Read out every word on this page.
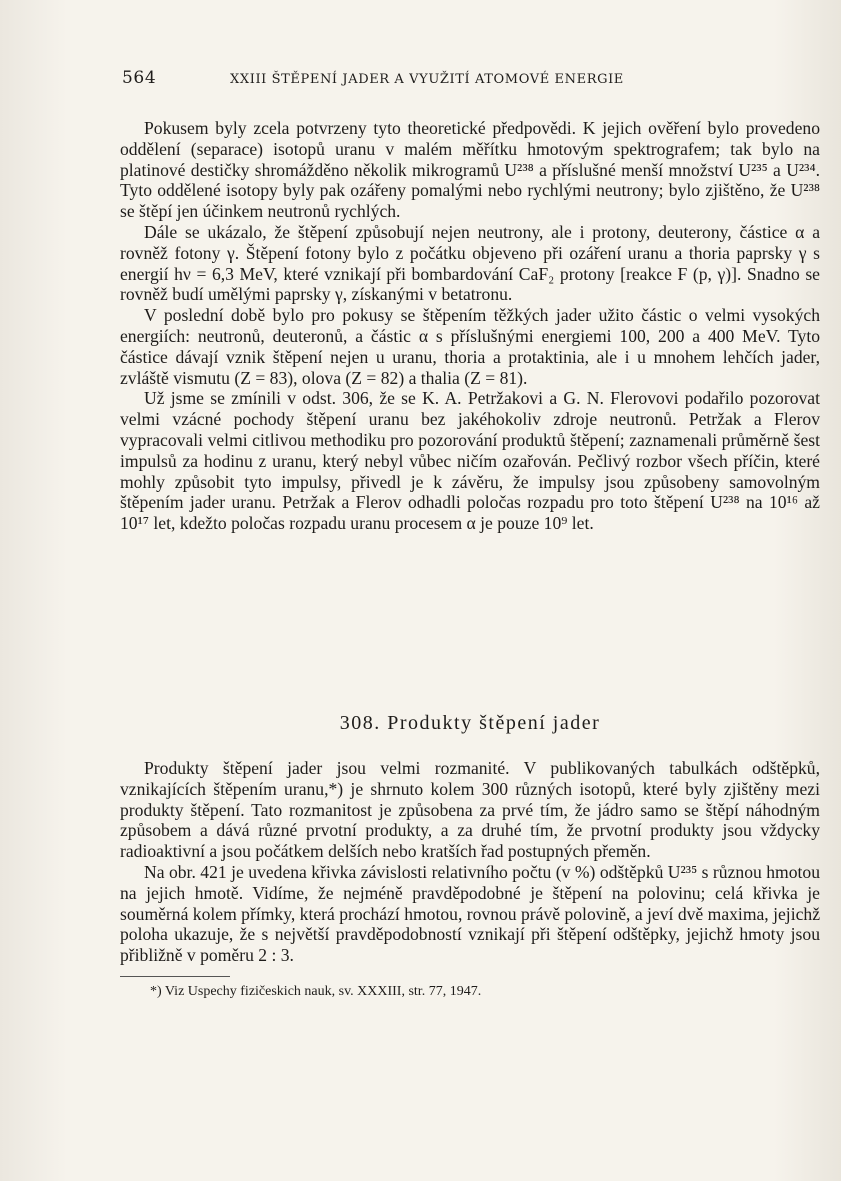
564	XXIII ŠTĚPENÍ JADER A VYUŽITÍ ATOMOVÉ ENERGIE

Pokusem byly zcela potvrzeny tyto theoretické předpovědi. K jejich ověření bylo provedeno oddělení (separace) isotopů uranu v malém měřítku hmotovým spektrografem; tak bylo na platinové destičky shromážděno několik mikrogramů U²³⁸ a příslušné menší množství U²³⁵ a U²³⁴. Tyto oddělené isotopy byly pak ozářeny pomalými nebo rychlými neutrony; bylo zjištěno, že U²³⁸ se štěpí jen účinkem neutronů rychlých.

Dále se ukázalo, že štěpení způsobují nejen neutrony, ale i protony, deuterony, částice α a rovněž fotony γ. Štěpení fotony bylo z počátku objeveno při ozáření uranu a thoria paprsky γ s energií hν = 6,3 MeV, které vznikají při bombardování CaF₂ protony [reakce F (p, γ)]. Snadno se rovněž budí umělými paprsky γ, získanými v betatronu.

V poslední době bylo pro pokusy se štěpením těžkých jader užito částic o velmi vysokých energiích: neutronů, deuteronů, a částic α s příslušnými energiemi 100, 200 a 400 MeV. Tyto částice dávají vznik štěpení nejen u uranu, thoria a protaktinia, ale i u mnohem lehčích jader, zvláště vismutu (Z = 83), olova (Z = 82) a thalia (Z = 81).

Už jsme se zmínili v odst. 306, že se K. A. Petržakovi a G. N. Flerovovi podařilo pozorovat velmi vzácné pochody štěpení uranu bez jakéhokoliv zdroje neutronů. Petržak a Flerov vypracovali velmi citlivou methodiku pro pozorování produktů štěpení; zaznamenali průměrně šest impulsů za hodinu z uranu, který nebyl vůbec ničím ozařován. Pečlivý rozbor všech příčin, které mohly způsobit tyto impulsy, přivedl je k závěru, že impulsy jsou způsobeny samovolným štěpením jader uranu. Petržak a Flerov odhadli poločas rozpadu pro toto štěpení U²³⁸ na 10¹⁶ až 10¹⁷ let, kdežto poločas rozpadu uranu procesem α je pouze 10⁹ let.

308. Produkty štěpení jader

Produkty štěpení jader jsou velmi rozmanité. V publikovaných tabulkách odštěpků, vznikajících štěpením uranu,*) je shrnuto kolem 300 různých isotopů, které byly zjištěny mezi produkty štěpení. Tato rozmanitost je způsobena za prvé tím, že jádro samo se štěpí náhodným způsobem a dává různé prvotní produkty, a za druhé tím, že prvotní produkty jsou vždycky radioaktivní a jsou počátkem delších nebo kratších řad postupných přeměn.

Na obr. 421 je uvedena křivka závislosti relativního počtu (v %) odštěpků U²³⁵ s různou hmotou na jejich hmotě. Vidíme, že nejméně pravděpodobné je štěpení na polovinu; celá křivka je souměrná kolem přímky, která prochází hmotou, rovnou právě polovině, a jeví dvě maxima, jejichž poloha ukazuje, že s největší pravděpodobností vznikají při štěpení odštěpky, jejichž hmoty jsou přibližně v poměru 2 : 3.

*) Viz Uspechy fizičeskich nauk, sv. XXXIII, str. 77, 1947.
